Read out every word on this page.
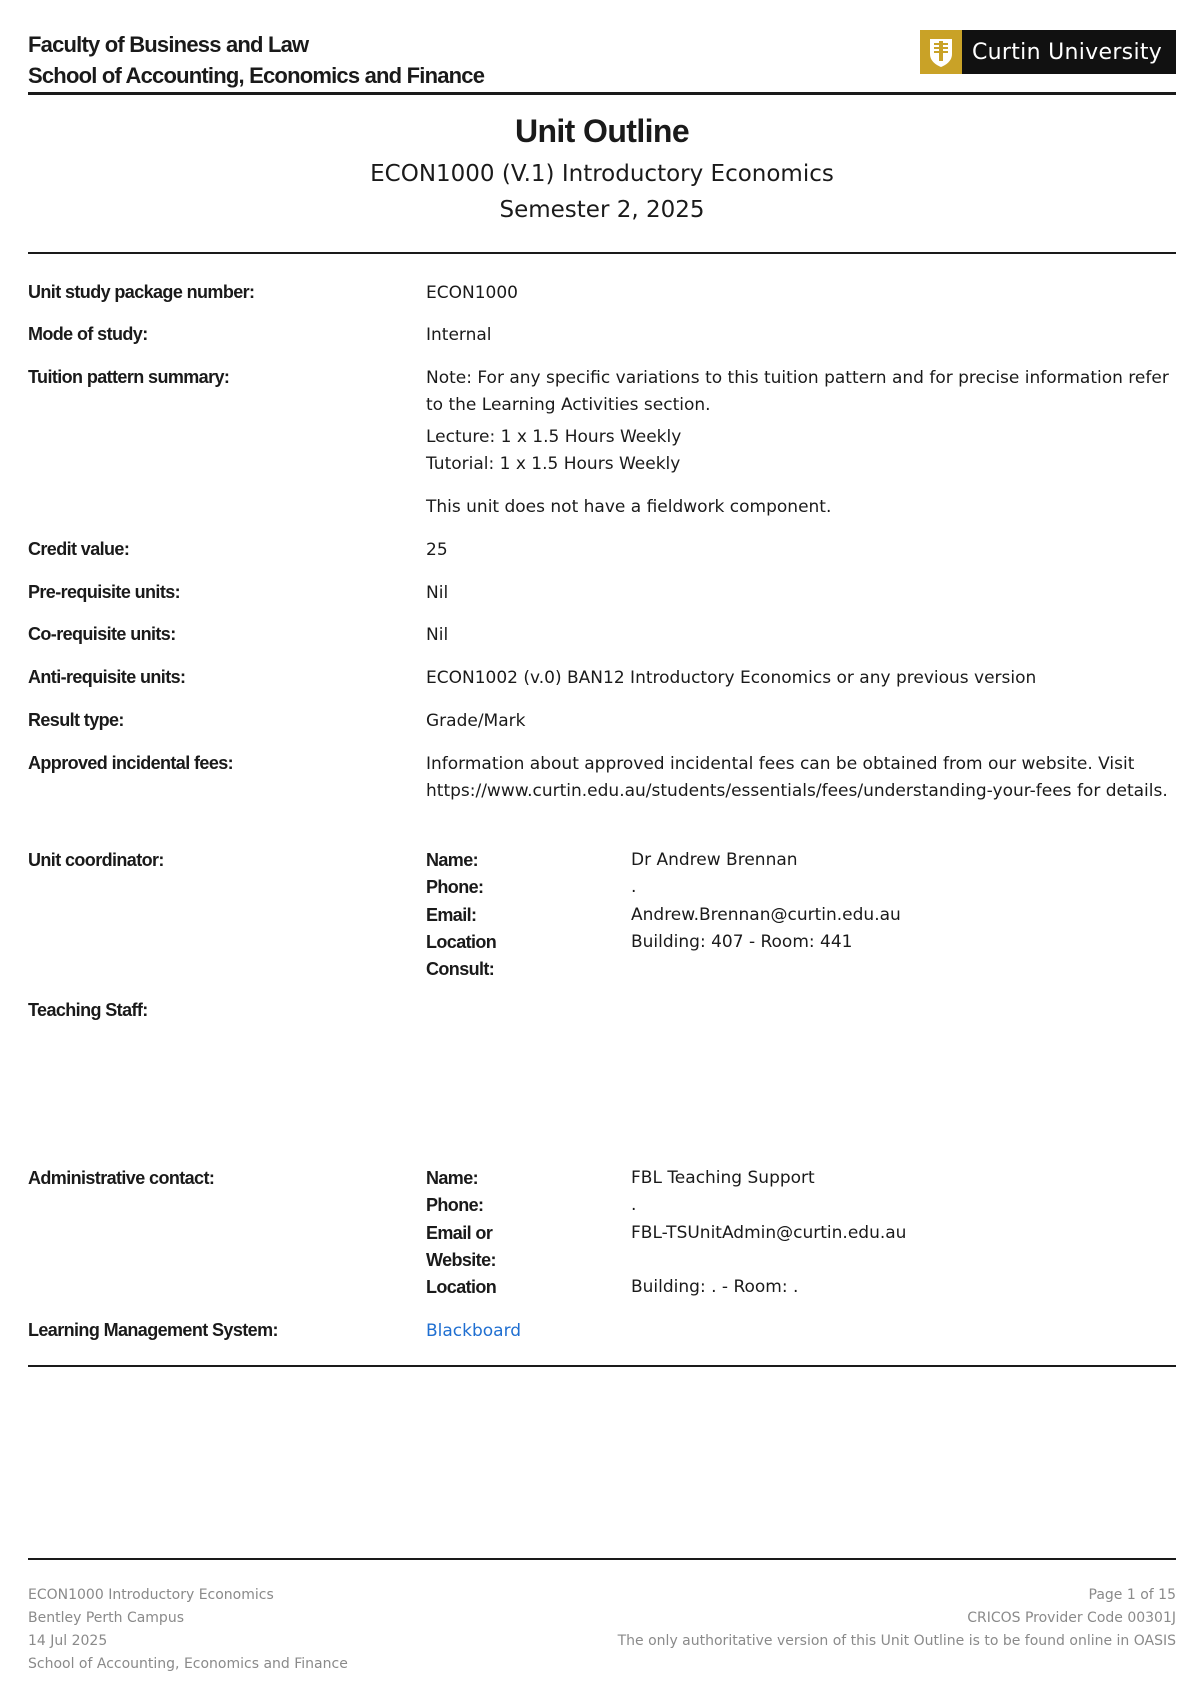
Faculty of Business and Law
School of Accounting, Economics and Finance
Curtin University
Unit Outline
ECON1000 (V.1) Introductory Economics
Semester 2, 2025
Unit study package number:	ECON1000
Mode of study:	Internal
Tuition pattern summary:	Note: For any specific variations to this tuition pattern and for precise information refer to the Learning Activities section.
Lecture: 1 x 1.5 Hours Weekly
Tutorial: 1 x 1.5 Hours Weekly
This unit does not have a fieldwork component.
Credit value:	25
Pre-requisite units:	Nil
Co-requisite units:	Nil
Anti-requisite units:	ECON1002 (v.0) BAN12 Introductory Economics or any previous version
Result type:	Grade/Mark
Approved incidental fees:	Information about approved incidental fees can be obtained from our website. Visit https://www.curtin.edu.au/students/essentials/fees/understanding-your-fees for details.
Unit coordinator:	Name:	Dr Andrew Brennan
Phone:	.
Email:	Andrew.Brennan@curtin.edu.au
Location	Building: 407 - Room: 441
Consult:
Teaching Staff:
Administrative contact:	Name:	FBL Teaching Support
Phone:	.
Email or	FBL-TSUnitAdmin@curtin.edu.au
Website:
Location	Building: . - Room: .
Learning Management System:	Blackboard
ECON1000 Introductory Economics
Bentley Perth Campus
14 Jul 2025
School of Accounting, Economics and Finance
Page 1 of 15
CRICOS Provider Code 00301J
The only authoritative version of this Unit Outline is to be found online in OASIS
